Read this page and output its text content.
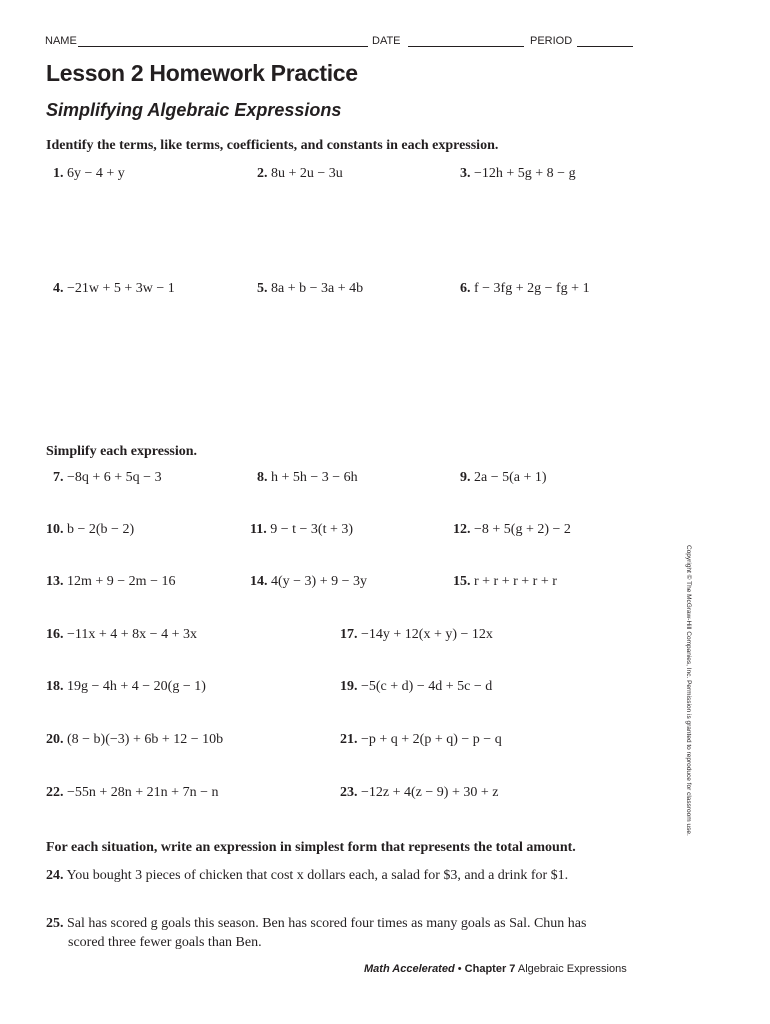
NAME	DATE	PERIOD
Lesson 2 Homework Practice
Simplifying Algebraic Expressions
Identify the terms, like terms, coefficients, and constants in each expression.
1. 6y − 4 + y	2. 8u + 2u − 3u	3. −12h + 5g + 8 − g
4. −21w + 5 + 3w − 1	5. 8a + b − 3a + 4b	6. f − 3fg + 2g − fg + 1
Simplify each expression.
7. −8q + 6 + 5q − 3	8. h + 5h − 3 − 6h	9. 2a − 5(a + 1)
10. b − 2(b − 2)	11. 9 − t − 3(t + 3)	12. −8 + 5(g + 2) − 2
13. 12m + 9 − 2m − 16	14. 4(y − 3) + 9 − 3y	15. r + r + r + r + r
16. −11x + 4 + 8x − 4 + 3x	17. −14y + 12(x + y) − 12x
18. 19g − 4h + 4 − 20(g − 1)	19. −5(c + d) − 4d + 5c − d
20. (8 − b)(−3) + 6b + 12 − 10b	21. −p + q + 2(p + q) − p − q
22. −55n + 28n + 21n + 7n − n	23. −12z + 4(z − 9) + 30 + z
For each situation, write an expression in simplest form that represents the total amount.
24. You bought 3 pieces of chicken that cost x dollars each, a salad for $3, and a drink for $1.
25. Sal has scored g goals this season. Ben has scored four times as many goals as Sal. Chun has
scored three fewer goals than Ben.
Copyright © The McGraw-Hill Companies, Inc. Permission is granted to reproduce for classroom use.
Math Accelerated • Chapter 7 Algebraic Expressions
